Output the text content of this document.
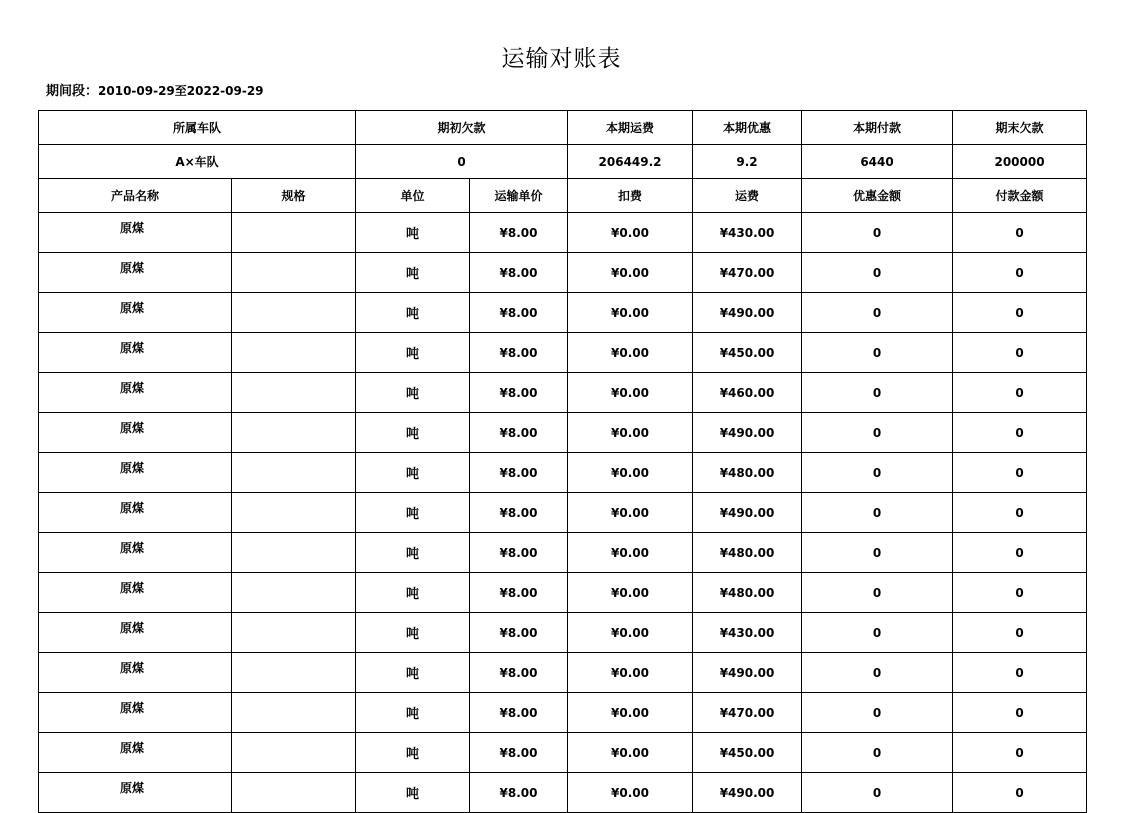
运输对账表
期间段：2010-09-29至2022-09-29
所属车队		期初欠款		本期运费	本期优惠	本期付款	期末欠款
A×车队		0		206449.2	9.2	6440	200000
产品名称	规格	单位	运输单价	扣费	运费	优惠金额	付款金额
原煤		吨	¥8.00	¥0.00	¥430.00	0	0
原煤		吨	¥8.00	¥0.00	¥470.00	0	0
原煤		吨	¥8.00	¥0.00	¥490.00	0	0
原煤		吨	¥8.00	¥0.00	¥450.00	0	0
原煤		吨	¥8.00	¥0.00	¥460.00	0	0
原煤		吨	¥8.00	¥0.00	¥490.00	0	0
原煤		吨	¥8.00	¥0.00	¥480.00	0	0
原煤		吨	¥8.00	¥0.00	¥490.00	0	0
原煤		吨	¥8.00	¥0.00	¥480.00	0	0
原煤		吨	¥8.00	¥0.00	¥480.00	0	0
原煤		吨	¥8.00	¥0.00	¥430.00	0	0
原煤		吨	¥8.00	¥0.00	¥490.00	0	0
原煤		吨	¥8.00	¥0.00	¥470.00	0	0
原煤		吨	¥8.00	¥0.00	¥450.00	0	0
原煤		吨	¥8.00	¥0.00	¥490.00	0	0
